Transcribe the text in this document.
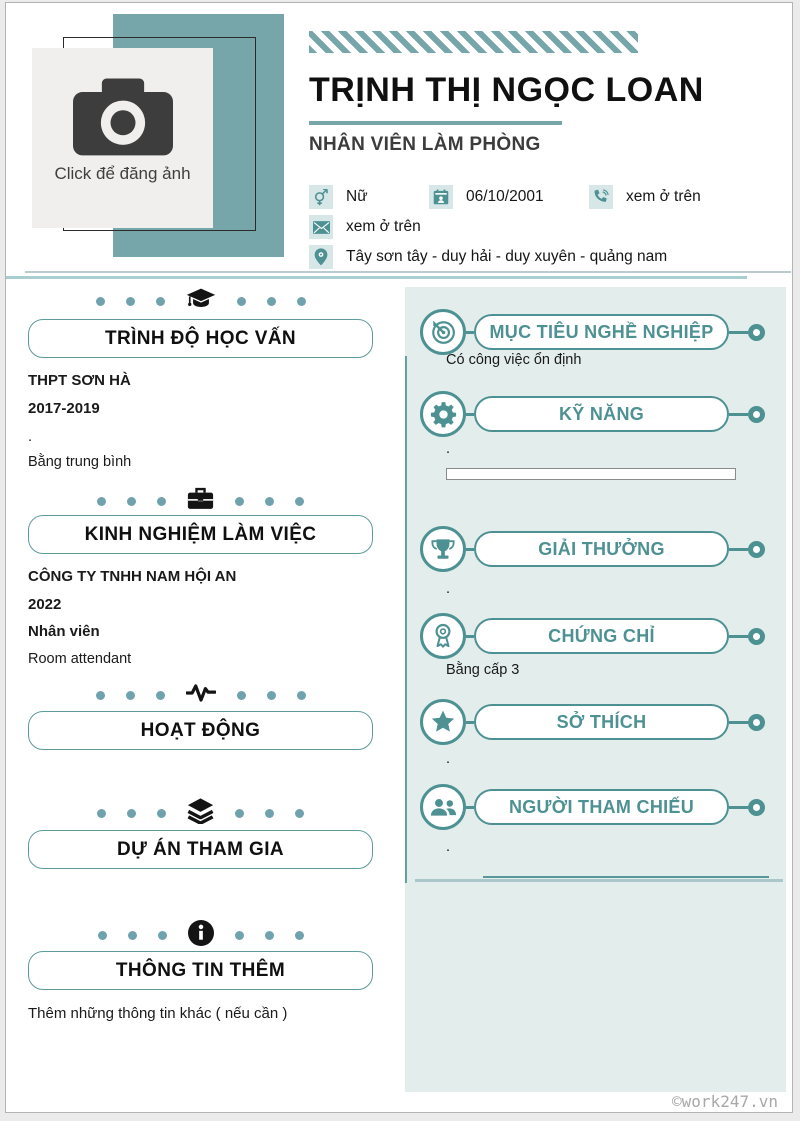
Click để đăng ảnh
TRỊNH THỊ NGỌC LOAN
NHÂN VIÊN LÀM PHÒNG
Nữ	06/10/2001	xem ở trên
xem ở trên
Tây sơn tây - duy hải - duy xuyên - quảng nam
TRÌNH ĐỘ HỌC VẤN
THPT SƠN HÀ
2017-2019
.
Bằng trung bình
KINH NGHIỆM LÀM VIỆC
CÔNG TY TNHH NAM HỘI AN
2022
Nhân viên
Room attendant
HOẠT ĐỘNG
DỰ ÁN THAM GIA
THÔNG TIN THÊM
Thêm những thông tin khác ( nếu cần )
MỤC TIÊU NGHỀ NGHIỆP
Có công việc ổn định
KỸ NĂNG
.
GIẢI THƯỞNG
.
CHỨNG CHỈ
Bằng cấp 3
SỞ THÍCH
.
NGƯỜI THAM CHIẾU
.
©work247.vn
